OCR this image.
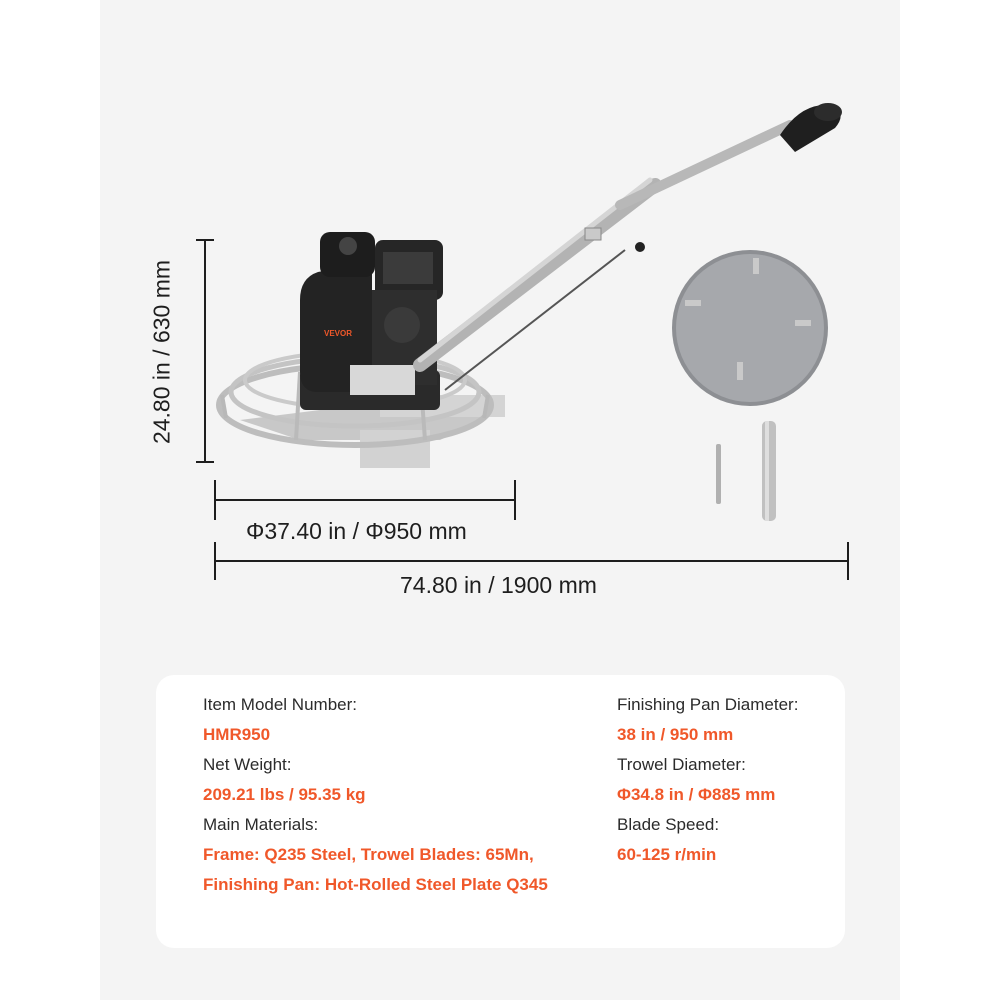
VEVOR
24.80 in / 630 mm
Φ37.40 in / Φ950 mm
74.80 in / 1900 mm
Item Model Number:
HMR950
Net Weight:
209.21 lbs / 95.35 kg
Main Materials:
Frame: Q235 Steel, Trowel Blades: 65Mn,
Finishing Pan: Hot-Rolled Steel Plate Q345
Finishing Pan Diameter:
38 in / 950 mm
Trowel Diameter:
Φ34.8 in / Φ885 mm
Blade Speed:
60-125 r/min
